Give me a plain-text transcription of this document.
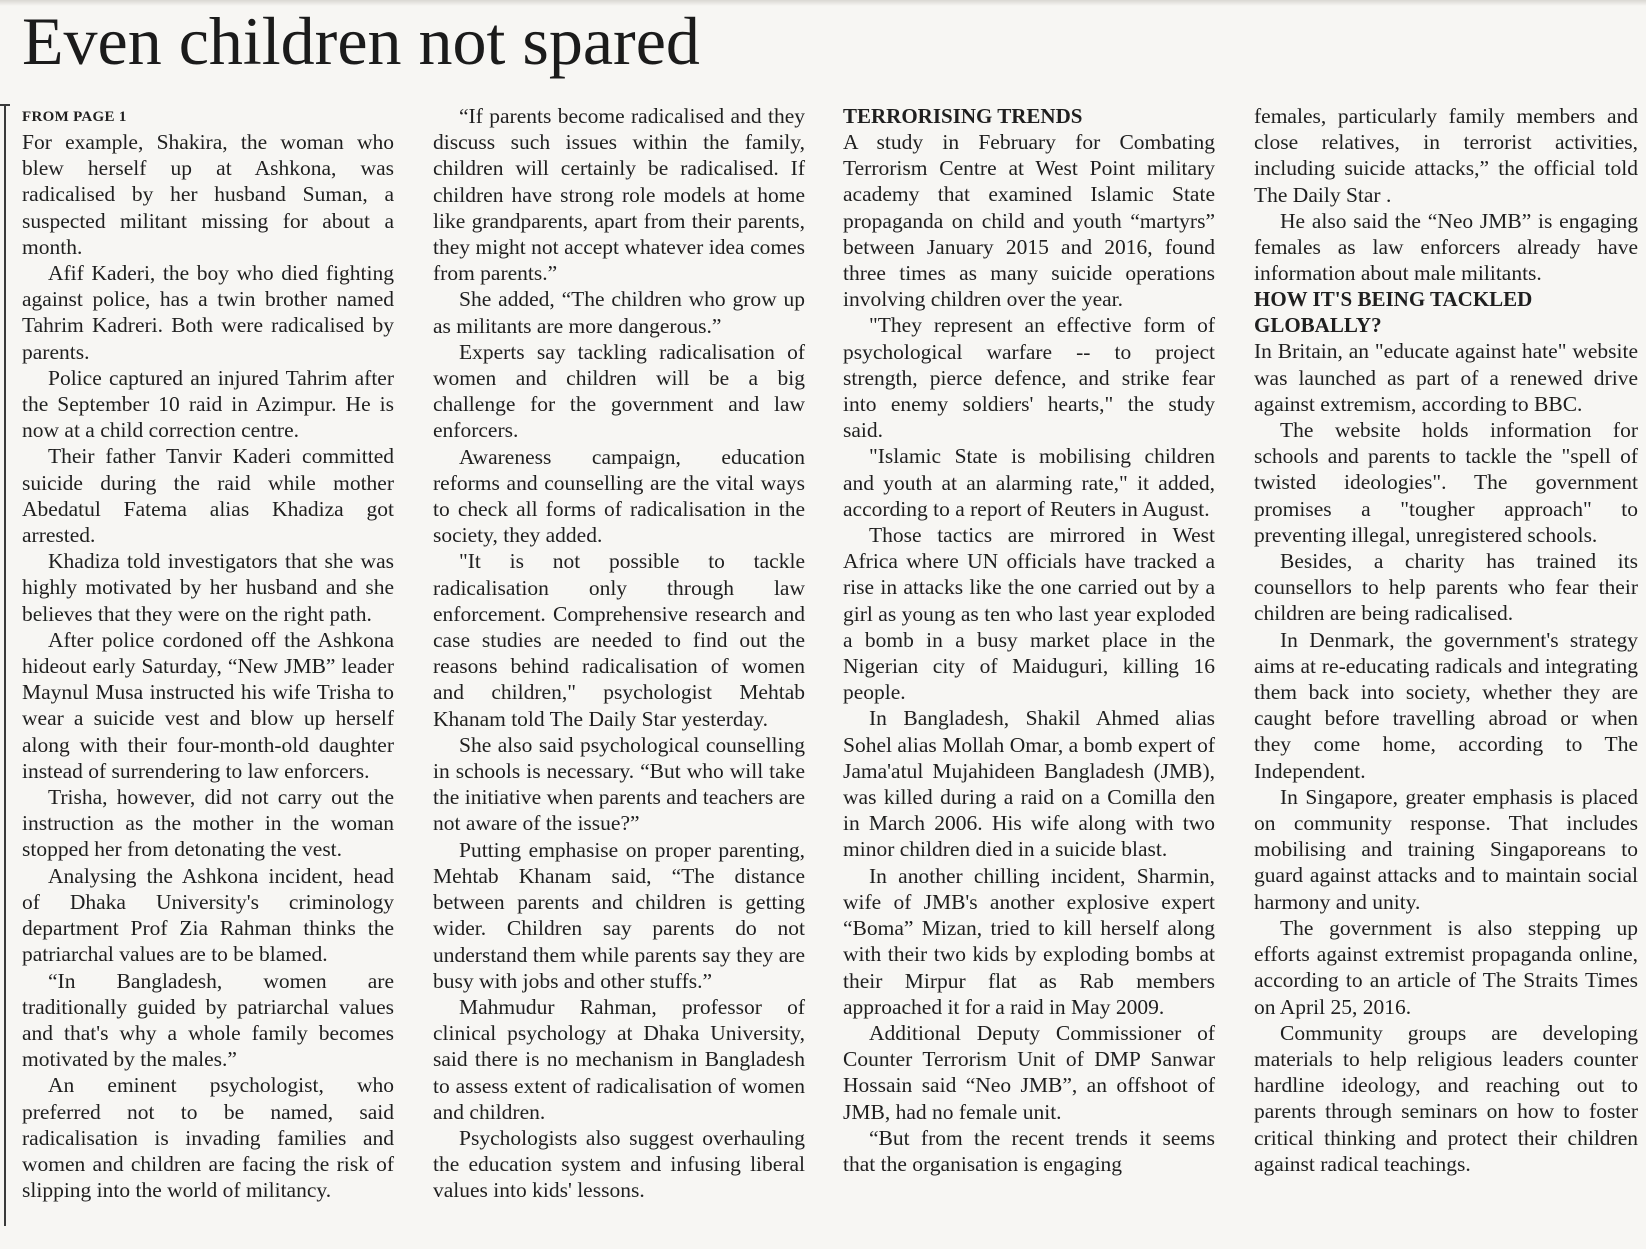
Even children not spared
FROM PAGE 1

For example, Shakira, the woman who blew herself up at Ashkona, was radicalised by her husband Suman, a suspected militant missing for about a month.

Afif Kaderi, the boy who died fighting against police, has a twin brother named Tahrim Kadreri. Both were radicalised by parents.

Police captured an injured Tahrim after the September 10 raid in Azimpur. He is now at a child correction centre.

Their father Tanvir Kaderi committed suicide during the raid while mother Abedatul Fatema alias Khadiza got arrested.

Khadiza told investigators that she was highly motivated by her husband and she believes that they were on the right path.

After police cordoned off the Ashkona hideout early Saturday, “New JMB” leader Maynul Musa instructed his wife Trisha to wear a suicide vest and blow up herself along with their four-month-old daughter instead of surrendering to law enforcers.

Trisha, however, did not carry out the instruction as the mother in the woman stopped her from detonating the vest.

Analysing the Ashkona incident, head of Dhaka University's criminology department Prof Zia Rahman thinks the patriarchal values are to be blamed.

“In Bangladesh, women are traditionally guided by patriarchal values and that's why a whole family becomes motivated by the males.”

An eminent psychologist, who preferred not to be named, said radicalisation is invading families and women and children are facing the risk of slipping into the world of militancy.

“If parents become radicalised and they discuss such issues within the family, children will certainly be radicalised. If children have strong role models at home like grandparents, apart from their parents, they might not accept whatever idea comes from parents.”

She added, “The children who grow up as militants are more dangerous.”

Experts say tackling radicalisation of women and children will be a big challenge for the government and law enforcers.

Awareness campaign, education reforms and counselling are the vital ways to check all forms of radicalisation in the society, they added.

"It is not possible to tackle radicalisation only through law enforcement. Comprehensive research and case studies are needed to find out the reasons behind radicalisation of women and children," psychologist Mehtab Khanam told The Daily Star yesterday.

She also said psychological counselling in schools is necessary. “But who will take the initiative when parents and teachers are not aware of the issue?”

Putting emphasise on proper parenting, Mehtab Khanam said, “The distance between parents and children is getting wider. Children say parents do not understand them while parents say they are busy with jobs and other stuffs.”

Mahmudur Rahman, professor of clinical psychology at Dhaka University, said there is no mechanism in Bangladesh to assess extent of radicalisation of women and children.

Psychologists also suggest overhauling the education system and infusing liberal values into kids' lessons.

TERRORISING TRENDS

A study in February for Combating Terrorism Centre at West Point military academy that examined Islamic State propaganda on child and youth “martyrs” between January 2015 and 2016, found three times as many suicide operations involving children over the year.

"They represent an effective form of psychological warfare -- to project strength, pierce defence, and strike fear into enemy soldiers' hearts," the study said.

"Islamic State is mobilising children and youth at an alarming rate," it added, according to a report of Reuters in August.

Those tactics are mirrored in West Africa where UN officials have tracked a rise in attacks like the one carried out by a girl as young as ten who last year exploded a bomb in a busy market place in the Nigerian city of Maiduguri, killing 16 people.

In Bangladesh, Shakil Ahmed alias Sohel alias Mollah Omar, a bomb expert of Jama'atul Mujahideen Bangladesh (JMB), was killed during a raid on a Comilla den in March 2006. His wife along with two minor children died in a suicide blast.

In another chilling incident, Sharmin, wife of JMB's another explosive expert “Boma” Mizan, tried to kill herself along with their two kids by exploding bombs at their Mirpur flat as Rab members approached it for a raid in May 2009.

Additional Deputy Commissioner of Counter Terrorism Unit of DMP Sanwar Hossain said “Neo JMB”, an offshoot of JMB, had no female unit.

“But from the recent trends it seems that the organisation is engaging

females, particularly family members and close relatives, in terrorist activities, including suicide attacks,” the official told The Daily Star .

He also said the “Neo JMB” is engaging females as law enforcers already have information about male militants.

HOW IT'S BEING TACKLED GLOBALLY?

In Britain, an "educate against hate" website was launched as part of a renewed drive against extremism, according to BBC.

The website holds information for schools and parents to tackle the "spell of twisted ideologies". The government promises a "tougher approach" to preventing illegal, unregistered schools.

Besides, a charity has trained its counsellors to help parents who fear their children are being radicalised.

In Denmark, the government's strategy aims at re-educating radicals and integrating them back into society, whether they are caught before travelling abroad or when they come home, according to The Independent.

In Singapore, greater emphasis is placed on community response. That includes mobilising and training Singaporeans to guard against attacks and to maintain social harmony and unity.

The government is also stepping up efforts against extremist propaganda online, according to an article of The Straits Times on April 25, 2016.

Community groups are developing materials to help religious leaders counter hardline ideology, and reaching out to parents through seminars on how to foster critical thinking and protect their children against radical teachings.
